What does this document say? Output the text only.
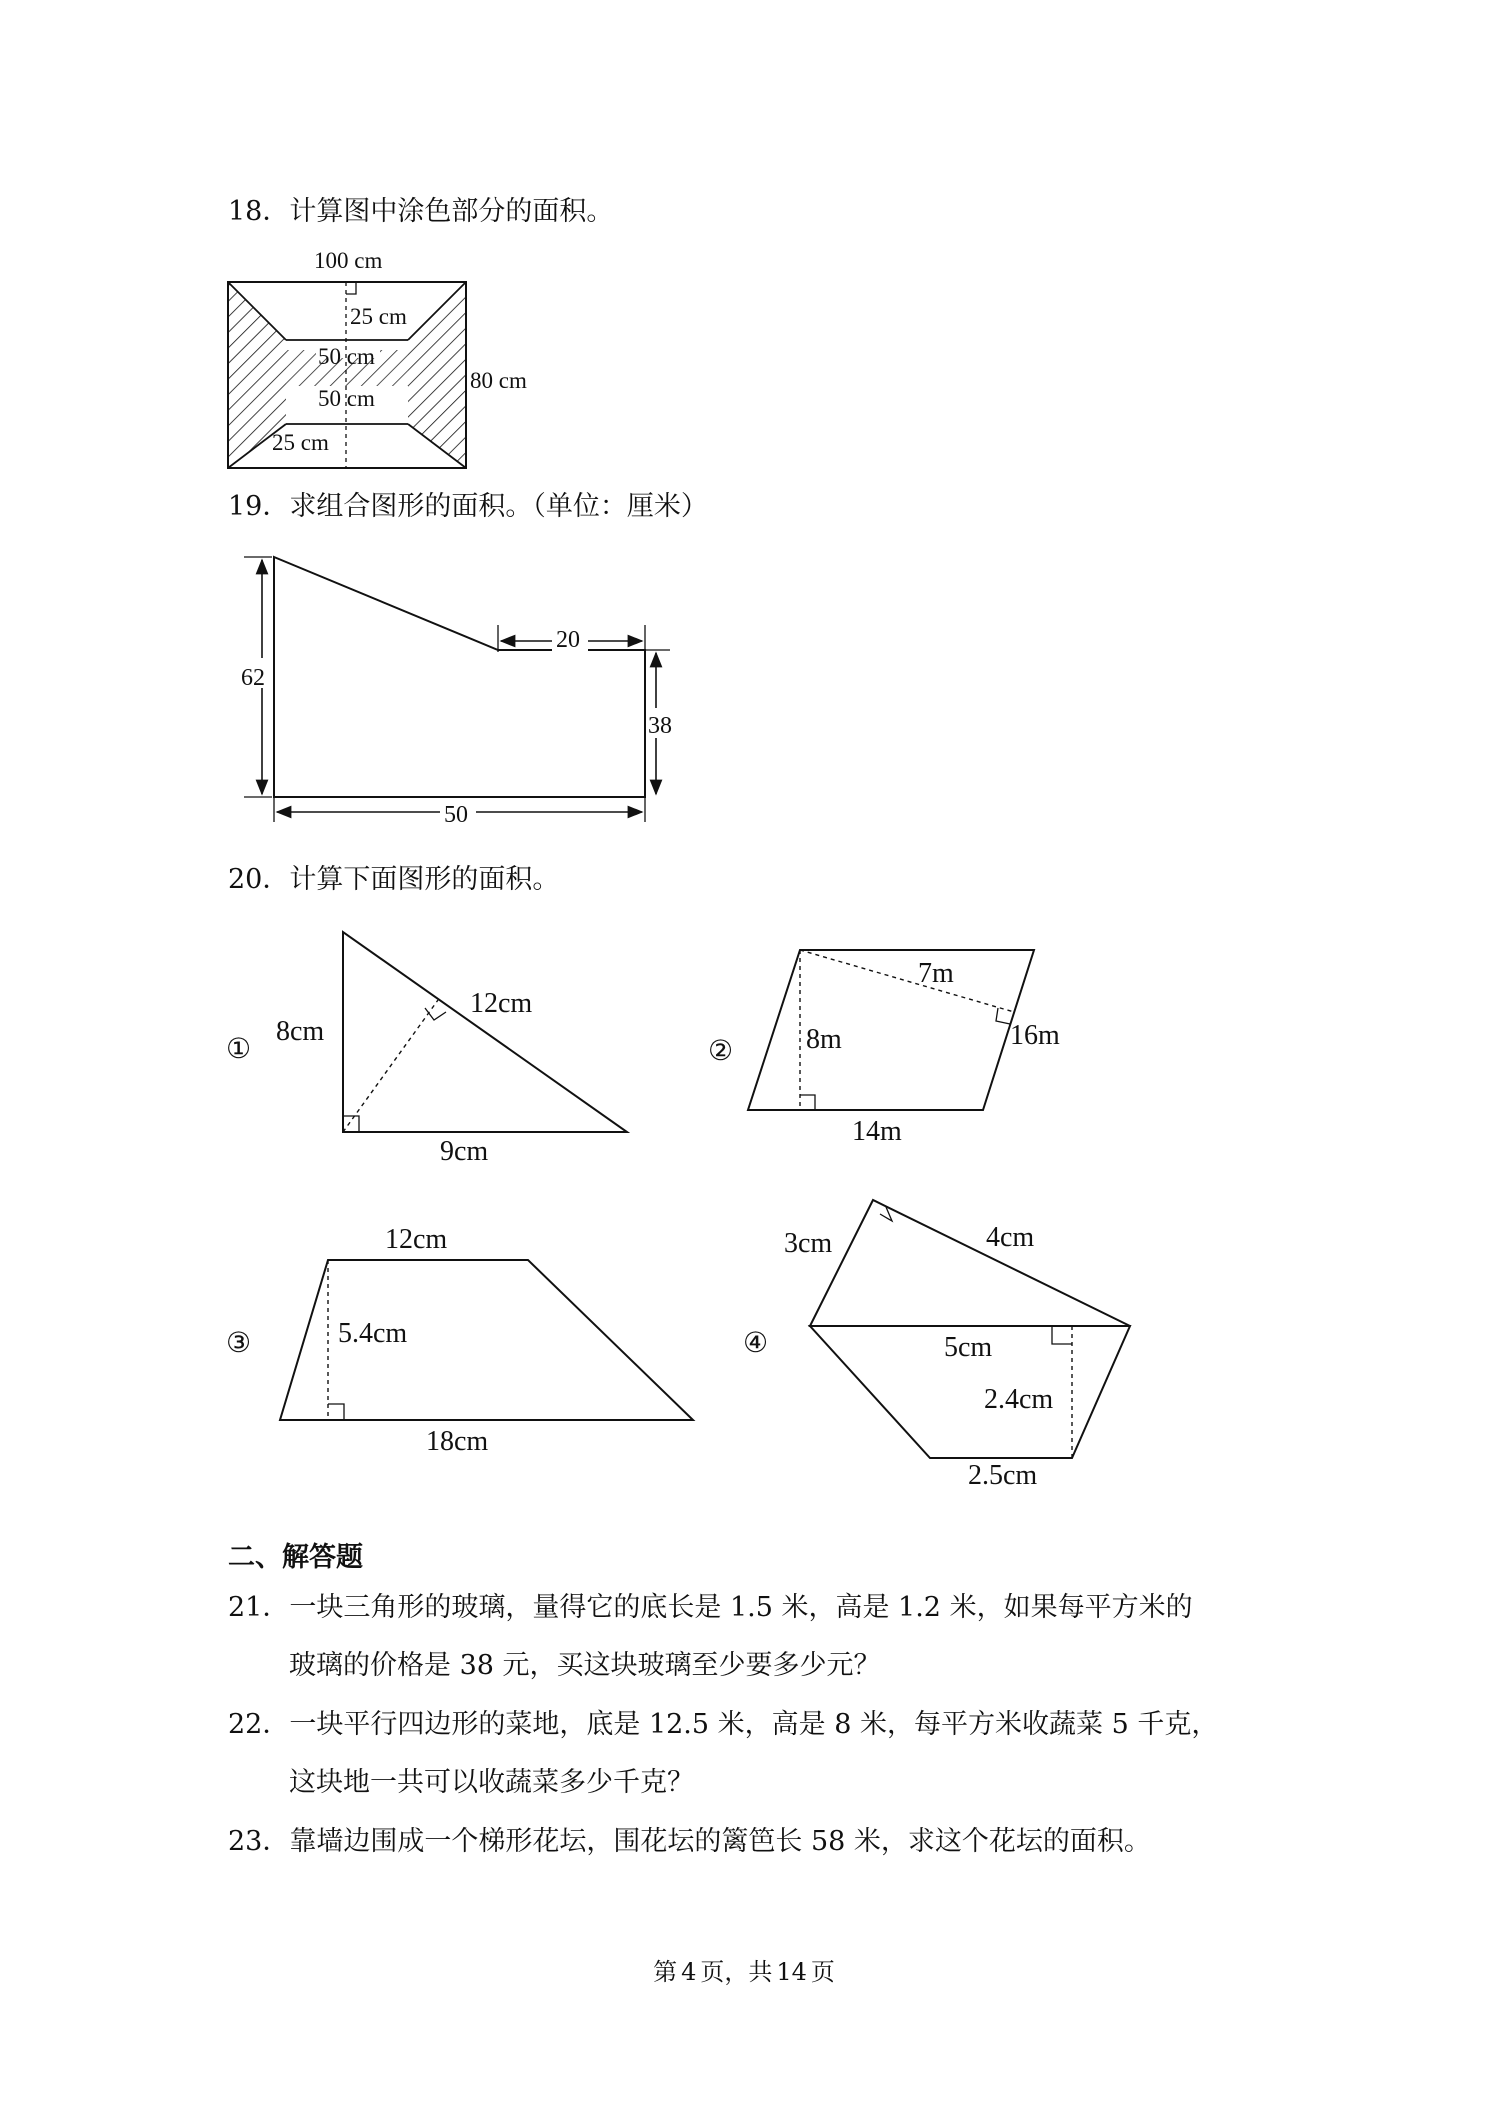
18．计算图中涂色部分的面积。
100 cm
25 cm
50 cm
50 cm
25 cm
80 cm
19．求组合图形的面积。（单位：厘米）
62
20
38
50
20．计算下面图形的面积。
①
8cm
12cm
9cm
②
7m
8m	16m
14m
③
12cm
5.4cm
18cm
④
3cm	4cm
5cm
2.4cm
2.5cm
二、解答题
21．一块三角形的玻璃，量得它的底长是 1.5 米，高是 1.2 米，如果每平方米的
玻璃的价格是 38 元，买这块玻璃至少要多少元？
22．一块平行四边形的菜地，底是 12.5 米，高是 8 米，每平方米收蔬菜 5 千克，
这块地一共可以收蔬菜多少千克？
23．靠墙边围成一个梯形花坛，围花坛的篱笆长 58 米，求这个花坛的面积。
第 4 页，共 14 页
